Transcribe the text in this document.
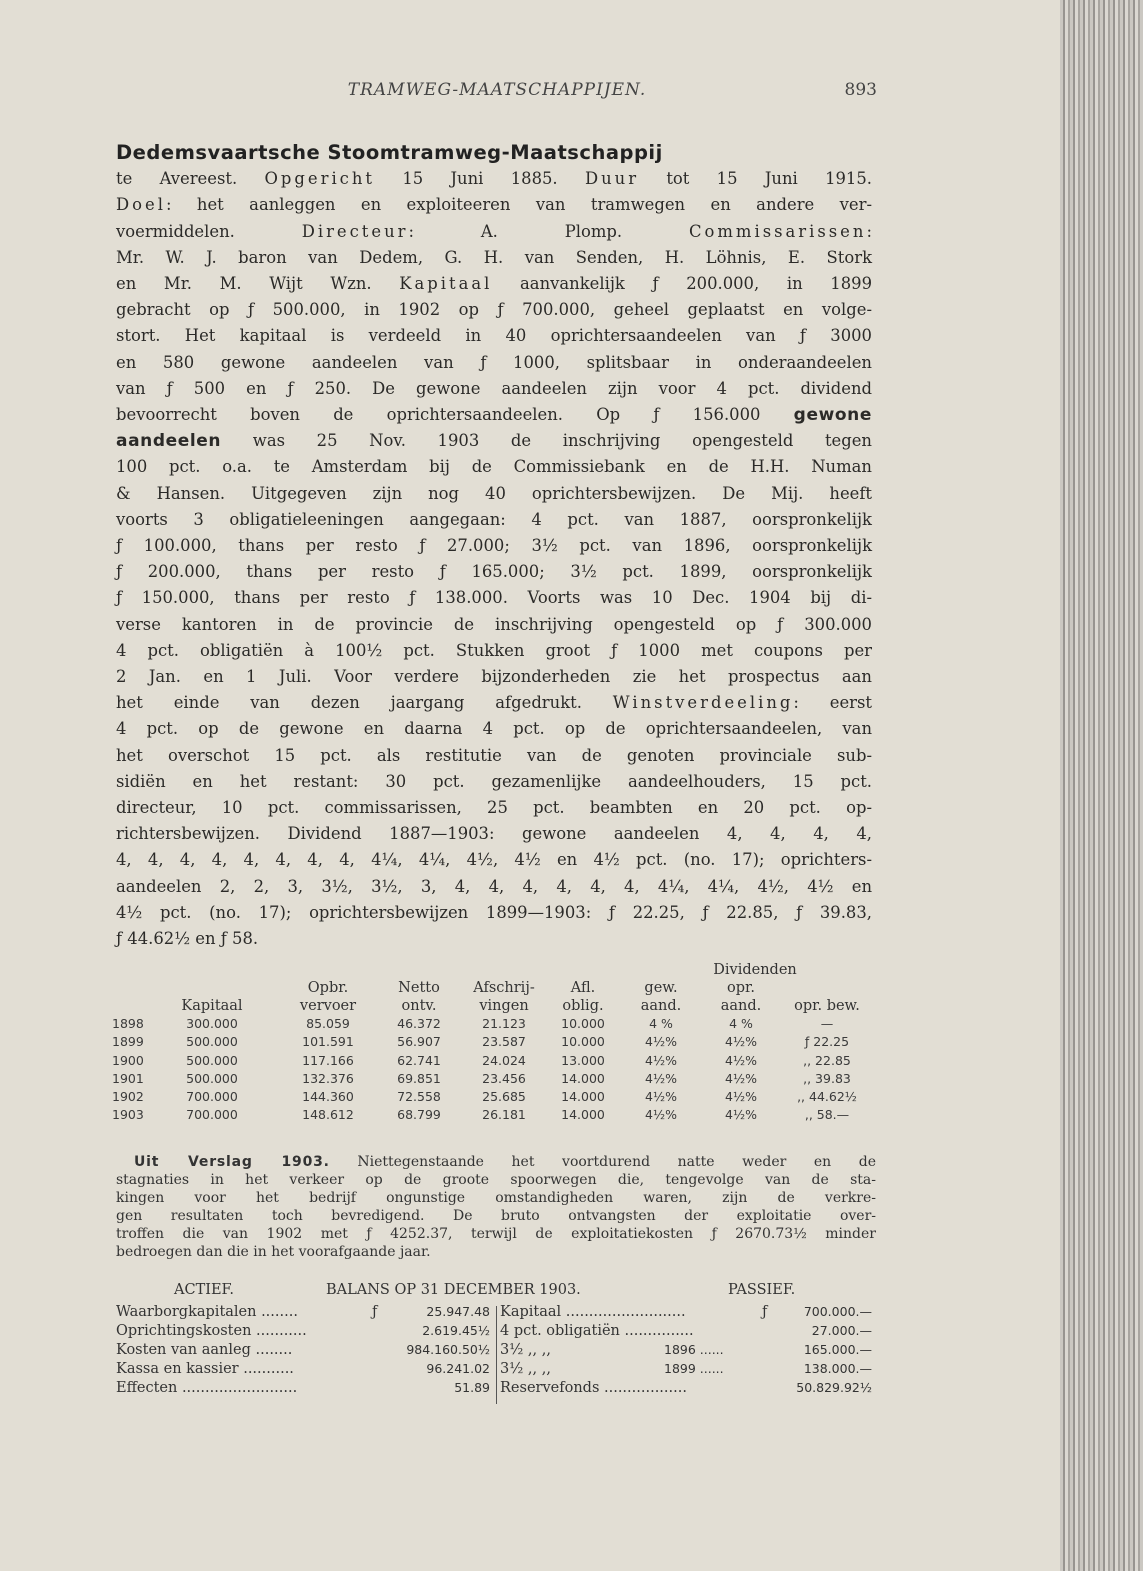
TRAMWEG-MAATSCHAPPIJEN.	893
Dedemsvaartsche Stoomtramweg-Maatschappij
te Avereest. Opgericht 15 Juni 1885. Duur tot 15 Juni 1915.
Doel: het aanleggen en exploiteeren van tramwegen en andere ver-
voermiddelen. Directeur: A. Plomp. Commissarissen:
Mr. W. J. baron van Dedem, G. H. van Senden, H. Löhnis, E. Stork
en Mr. M. Wijt Wzn. Kapitaal aanvankelijk ƒ 200.000, in 1899
gebracht op ƒ 500.000, in 1902 op ƒ 700.000, geheel geplaatst en volge-
stort. Het kapitaal is verdeeld in 40 oprichtersaandeelen van ƒ 3000
en 580 gewone aandeelen van ƒ 1000, splitsbaar in onderaandeelen
van ƒ 500 en ƒ 250. De gewone aandeelen zijn voor 4 pct. dividend
bevoorrecht boven de oprichtersaandeelen. Op ƒ 156.000 gewone
aandeelen was 25 Nov. 1903 de inschrijving opengesteld tegen
100 pct. o.a. te Amsterdam bij de Commissiebank en de H.H. Numan
& Hansen. Uitgegeven zijn nog 40 oprichtersbewijzen. De Mij. heeft
voorts 3 obligatieleeningen aangegaan: 4 pct. van 1887, oorspronkelijk
ƒ 100.000, thans per resto ƒ 27.000; 3½ pct. van 1896, oorspronkelijk
ƒ 200.000, thans per resto ƒ 165.000; 3½ pct. 1899, oorspronkelijk
ƒ 150.000, thans per resto ƒ 138.000. Voorts was 10 Dec. 1904 bij di-
verse kantoren in de provincie de inschrijving opengesteld op ƒ 300.000
4 pct. obligatiën à 100½ pct. Stukken groot ƒ 1000 met coupons per
2 Jan. en 1 Juli. Voor verdere bijzonderheden zie het prospectus aan
het einde van dezen jaargang afgedrukt. Winstverdeeling: eerst
4 pct. op de gewone en daarna 4 pct. op de oprichtersaandeelen, van
het overschot 15 pct. als restitutie van de genoten provinciale sub-
sidiën en het restant: 30 pct. gezamenlijke aandeelhouders, 15 pct.
directeur, 10 pct. commissarissen, 25 pct. beambten en 20 pct. op-
richtersbewijzen. Dividend 1887—1903: gewone aandeelen 4, 4, 4, 4,
4, 4, 4, 4, 4, 4, 4, 4, 4¼, 4¼, 4½, 4½ en 4½ pct. (no. 17); oprichters-
aandeelen 2, 2, 3, 3½, 3½, 3, 4, 4, 4, 4, 4, 4, 4¼, 4¼, 4½, 4½ en
4½ pct. (no. 17); oprichtersbewijzen 1899—1903: ƒ 22.25, ƒ 22.85, ƒ 39.83,
ƒ 44.62½ en ƒ 58.
Dividenden
Opbr.	Netto	Afschrij-	Afl.	gew.	opr.
Kapitaal	vervoer	ontv.	vingen	oblig.	aand.	aand.	opr. bew.
1898	300.000	85.059	46.372	21.123	10.000	4 %	4 %	—
1899	500.000	101.591	56.907	23.587	10.000	4½%	4½%	ƒ 22.25
1900	500.000	117.166	62.741	24.024	13.000	4½%	4½%	,, 22.85
1901	500.000	132.376	69.851	23.456	14.000	4½%	4½%	,, 39.83
1902	700.000	144.360	72.558	25.685	14.000	4½%	4½%	,, 44.62½
1903	700.000	148.612	68.799	26.181	14.000	4½%	4½%	,, 58.—
Uit Verslag 1903. Niettegenstaande het voortdurend natte weder en de
stagnaties in het verkeer op de groote spoorwegen die, tengevolge van de sta-
kingen voor het bedrijf ongunstige omstandigheden waren, zijn de verkre-
gen resultaten toch bevredigend. De bruto ontvangsten der exploitatie over-
troffen die van 1902 met ƒ 4252.37, terwijl de exploitatiekosten ƒ 2670.73½ minder
bedroegen dan die in het voorafgaande jaar.
ACTIEF.	BALANS OP 31 DECEMBER 1903.	PASSIEF.
Waarborgkapitalen ........	ƒ	25.947.48 Kapitaal ..........................	ƒ	700.000.—
Oprichtingskosten ...........	2.619.45½ 4 pct. obligatiën ...............	27.000.—
Kosten van aanleg ........	984.160.50½ 3½ ,, ,,	1896 ......	165.000.—
Kassa en kassier ...........	96.241.02 3½ ,, ,,	1899 ......	138.000.—
Effecten .........................	51.89 Reservefonds ..................	50.829.92½
